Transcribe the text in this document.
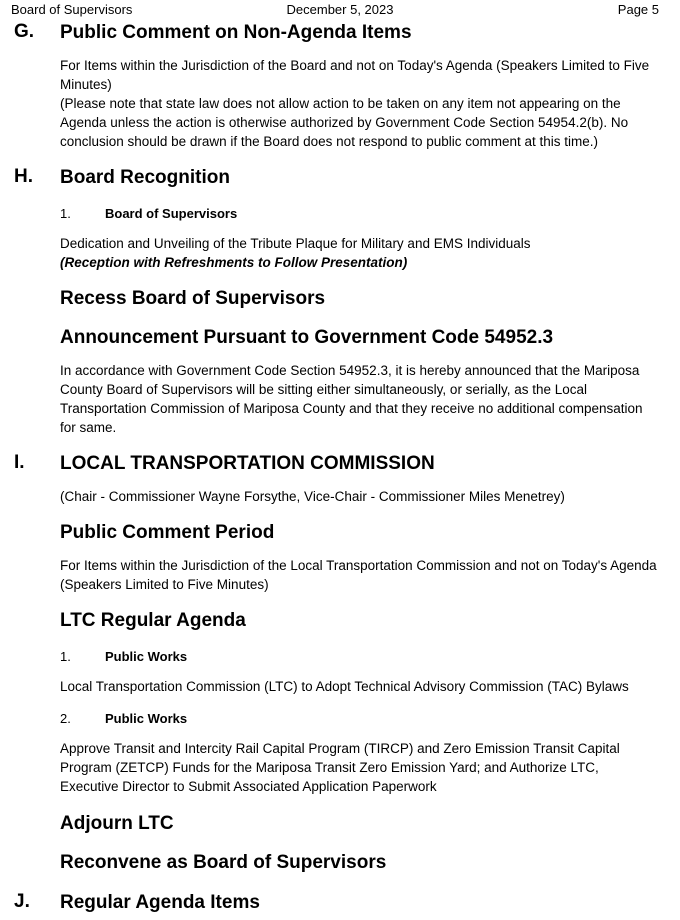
Board of Supervisors	December 5, 2023	Page 5
G. Public Comment on Non-Agenda Items

For Items within the Jurisdiction of the Board and not on Today's Agenda (Speakers Limited to Five Minutes)

(Please note that state law does not allow action to be taken on any item not appearing on the Agenda unless the action is otherwise authorized by Government Code Section 54954.2(b). No conclusion should be drawn if the Board does not respond to public comment at this time.)

H. Board Recognition
1.	Board of Supervisors

Dedication and Unveiling of the Tribute Plaque for Military and EMS Individuals

(Reception with Refreshments to Follow Presentation)

Recess Board of Supervisors
Announcement Pursuant to Government Code 54952.3

In accordance with Government Code Section 54952.3, it is hereby announced that the Mariposa County Board of Supervisors will be sitting either simultaneously, or serially, as the Local Transportation Commission of Mariposa County and that they receive no additional compensation for same.

I. LOCAL TRANSPORTATION COMMISSION

(Chair - Commissioner Wayne Forsythe, Vice-Chair - Commissioner Miles Menetrey)

Public Comment Period

For Items within the Jurisdiction of the Local Transportation Commission and not on Today's Agenda (Speakers Limited to Five Minutes)

LTC Regular Agenda
1.	Public Works

Local Transportation Commission (LTC) to Adopt Technical Advisory Commission (TAC) Bylaws

2.	Public Works

Approve Transit and Intercity Rail Capital Program (TIRCP) and Zero Emission Transit Capital Program (ZETCP) Funds for the Mariposa Transit Zero Emission Yard; and Authorize LTC, Executive Director to Submit Associated Application Paperwork

Adjourn LTC
Reconvene as Board of Supervisors
J. Regular Agenda Items
